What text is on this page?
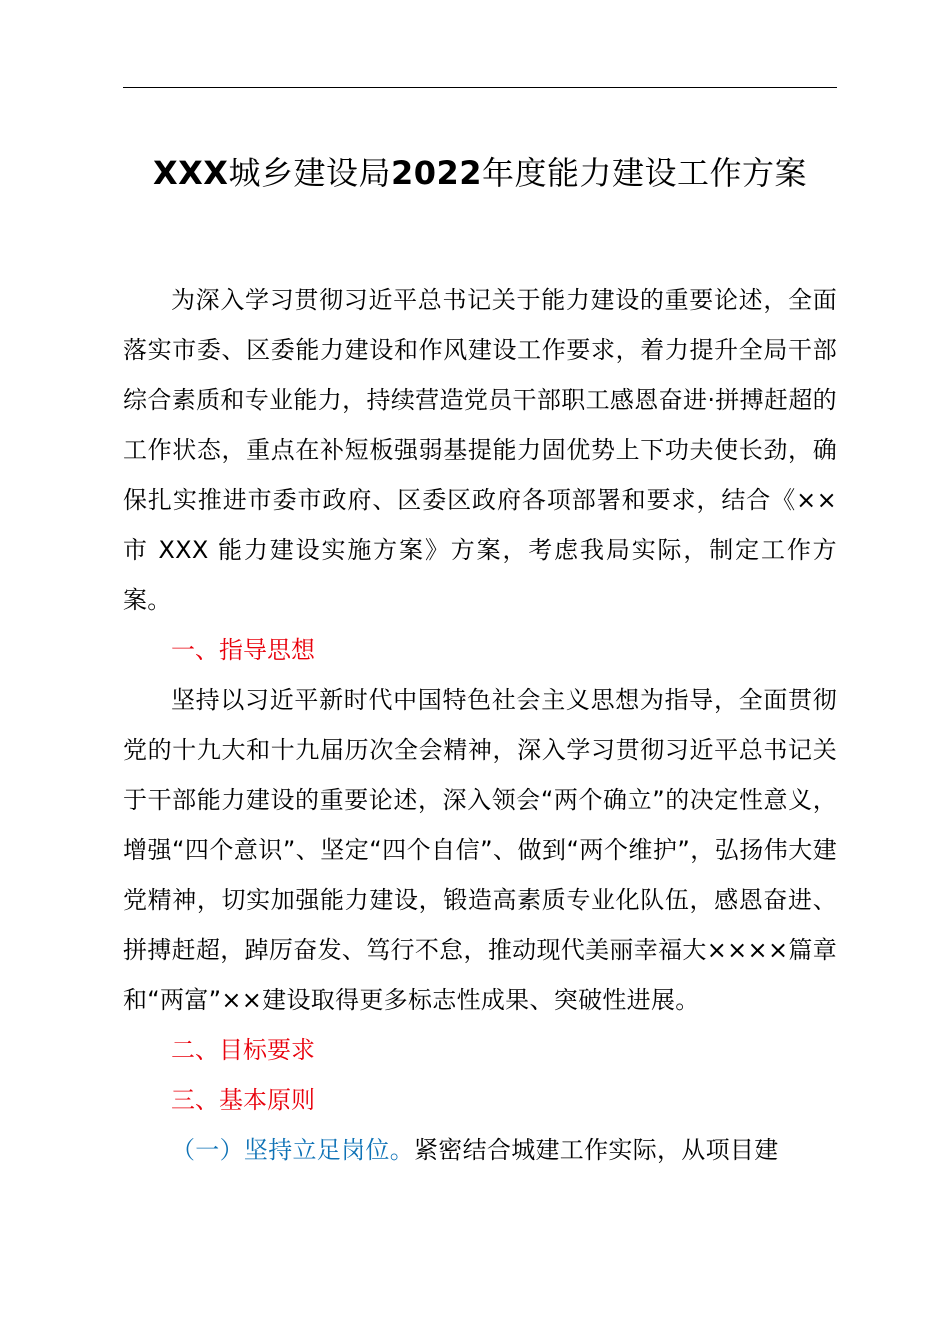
XXX城乡建设局2022年度能力建设工作方案

为深入学习贯彻习近平总书记关于能力建设的重要论述，全面落实市委、区委能力建设和作风建设工作要求，着力提升全局干部综合素质和专业能力，持续营造党员干部职工感恩奋进·拼搏赶超的工作状态，重点在补短板强弱基提能力固优势上下功夫使长劲，确保扎实推进市委市政府、区委区政府各项部署和要求，结合《××市 XXX 能力建设实施方案》方案，考虑我局实际，制定工作方案。

一、指导思想

坚持以习近平新时代中国特色社会主义思想为指导，全面贯彻党的十九大和十九届历次全会精神，深入学习贯彻习近平总书记关于干部能力建设的重要论述，深入领会“两个确立”的决定性意义，增强“四个意识”、坚定“四个自信”、做到“两个维护”，弘扬伟大建党精神，切实加强能力建设，锻造高素质专业化队伍，感恩奋进、拼搏赶超，踔厉奋发、笃行不怠，推动现代美丽幸福大××××篇章和“两富”××建设取得更多标志性成果、突破性进展。

二、目标要求

三、基本原则

（一）坚持立足岗位。紧密结合城建工作实际，从项目建
